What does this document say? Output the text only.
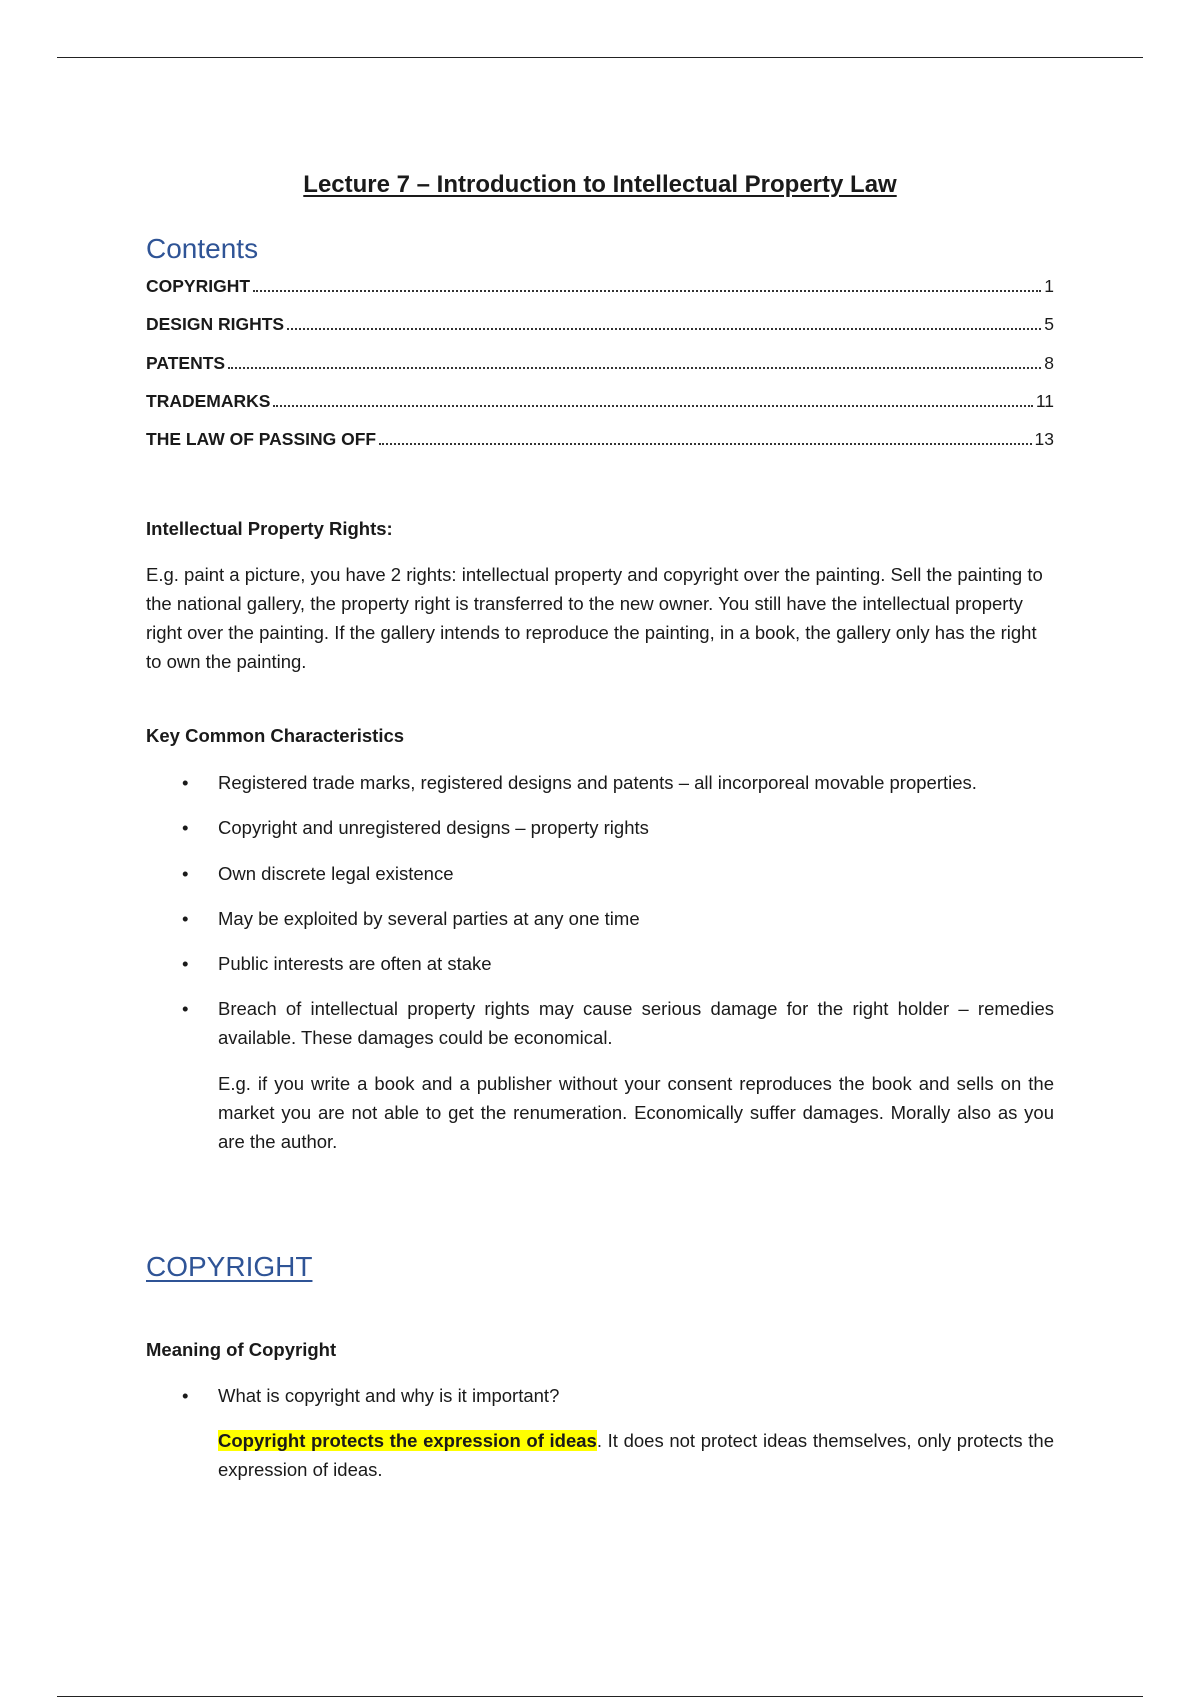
Lecture 7 – Introduction to Intellectual Property Law
Contents
COPYRIGHT	1
DESIGN RIGHTS	5
PATENTS	8
TRADEMARKS	11
THE LAW OF PASSING OFF	13
Intellectual Property Rights:
E.g. paint a picture, you have 2 rights: intellectual property and copyright over the painting. Sell the painting to the national gallery, the property right is transferred to the new owner. You still have the intellectual property right over the painting. If the gallery intends to reproduce the painting, in a book, the gallery only has the right to own the painting.
Key Common Characteristics
• Registered trade marks, registered designs and patents – all incorporeal movable properties.
• Copyright and unregistered designs – property rights
• Own discrete legal existence
• May be exploited by several parties at any one time
• Public interests are often at stake
• Breach of intellectual property rights may cause serious damage for the right holder – remedies available. These damages could be economical.
E.g. if you write a book and a publisher without your consent reproduces the book and sells on the market you are not able to get the renumeration. Economically suffer damages. Morally also as you are the author.
COPYRIGHT
Meaning of Copyright
• What is copyright and why is it important?
Copyright protects the expression of ideas. It does not protect ideas themselves, only protects the expression of ideas.
